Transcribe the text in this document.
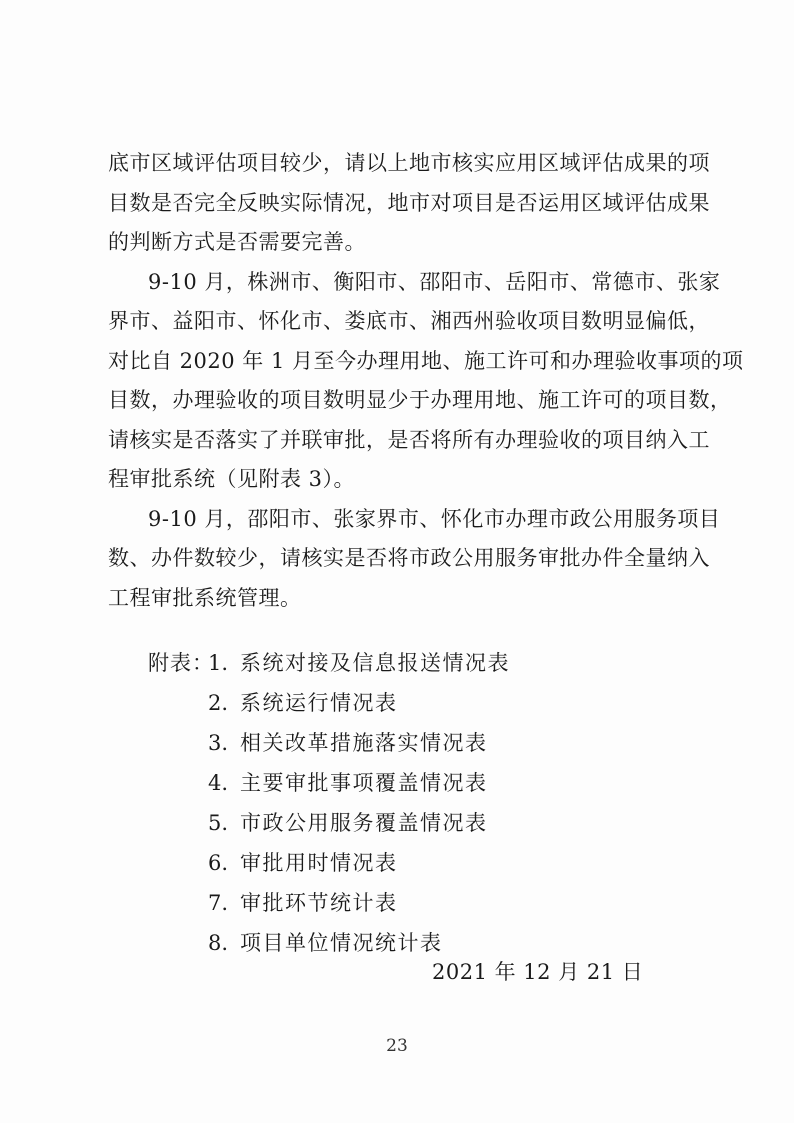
底市区域评估项目较少，请以上地市核实应用区域评估成果的项
目数是否完全反映实际情况，地市对项目是否运用区域评估成果
的判断方式是否需要完善。

9-10 月，株洲市、衡阳市、邵阳市、岳阳市、常德市、张家
界市、益阳市、怀化市、娄底市、湘西州验收项目数明显偏低，
对比自 2020 年 1 月至今办理用地、施工许可和办理验收事项的项
目数，办理验收的项目数明显少于办理用地、施工许可的项目数，
请核实是否落实了并联审批，是否将所有办理验收的项目纳入工
程审批系统（见附表 3）。

9-10 月，邵阳市、张家界市、怀化市办理市政公用服务项目
数、办件数较少，请核实是否将市政公用服务审批办件全量纳入
工程审批系统管理。

附表：
1. 系统对接及信息报送情况表
2. 系统运行情况表
3. 相关改革措施落实情况表
4. 主要审批事项覆盖情况表
5. 市政公用服务覆盖情况表
6. 审批用时情况表
7. 审批环节统计表
8. 项目单位情况统计表
2021 年 12 月 21 日
23
